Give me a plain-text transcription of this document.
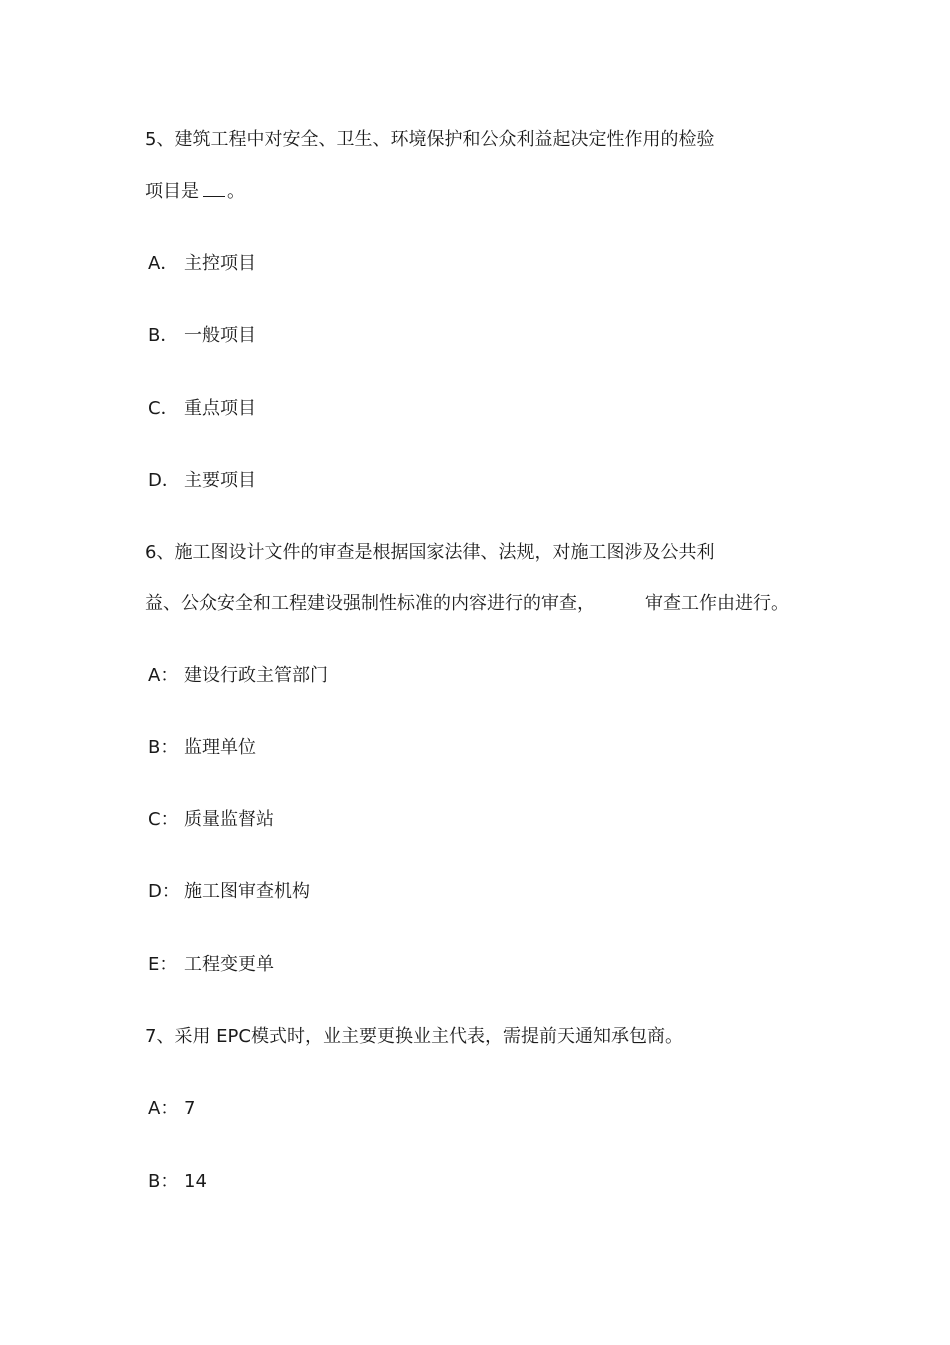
5、建筑工程中对安全、卫生、环境保护和公众利益起决定性作用的检验
项目是 。
A． 主控项目
B． 一般项目
C． 重点项目
D． 主要项目
6、施工图设计文件的审查是根据国家法律、法规，对施工图涉及公共利
益、公众安全和工程建设强制性标准的内容进行的审查，	审查工作由进行。
A： 建设行政主管部门
B： 监理单位
C： 质量监督站
D： 施工图审查机构
E： 工程变更单
7、采用 EPC模式时，业主要更换业主代表，需提前天通知承包商。
A： 7
B： 14
